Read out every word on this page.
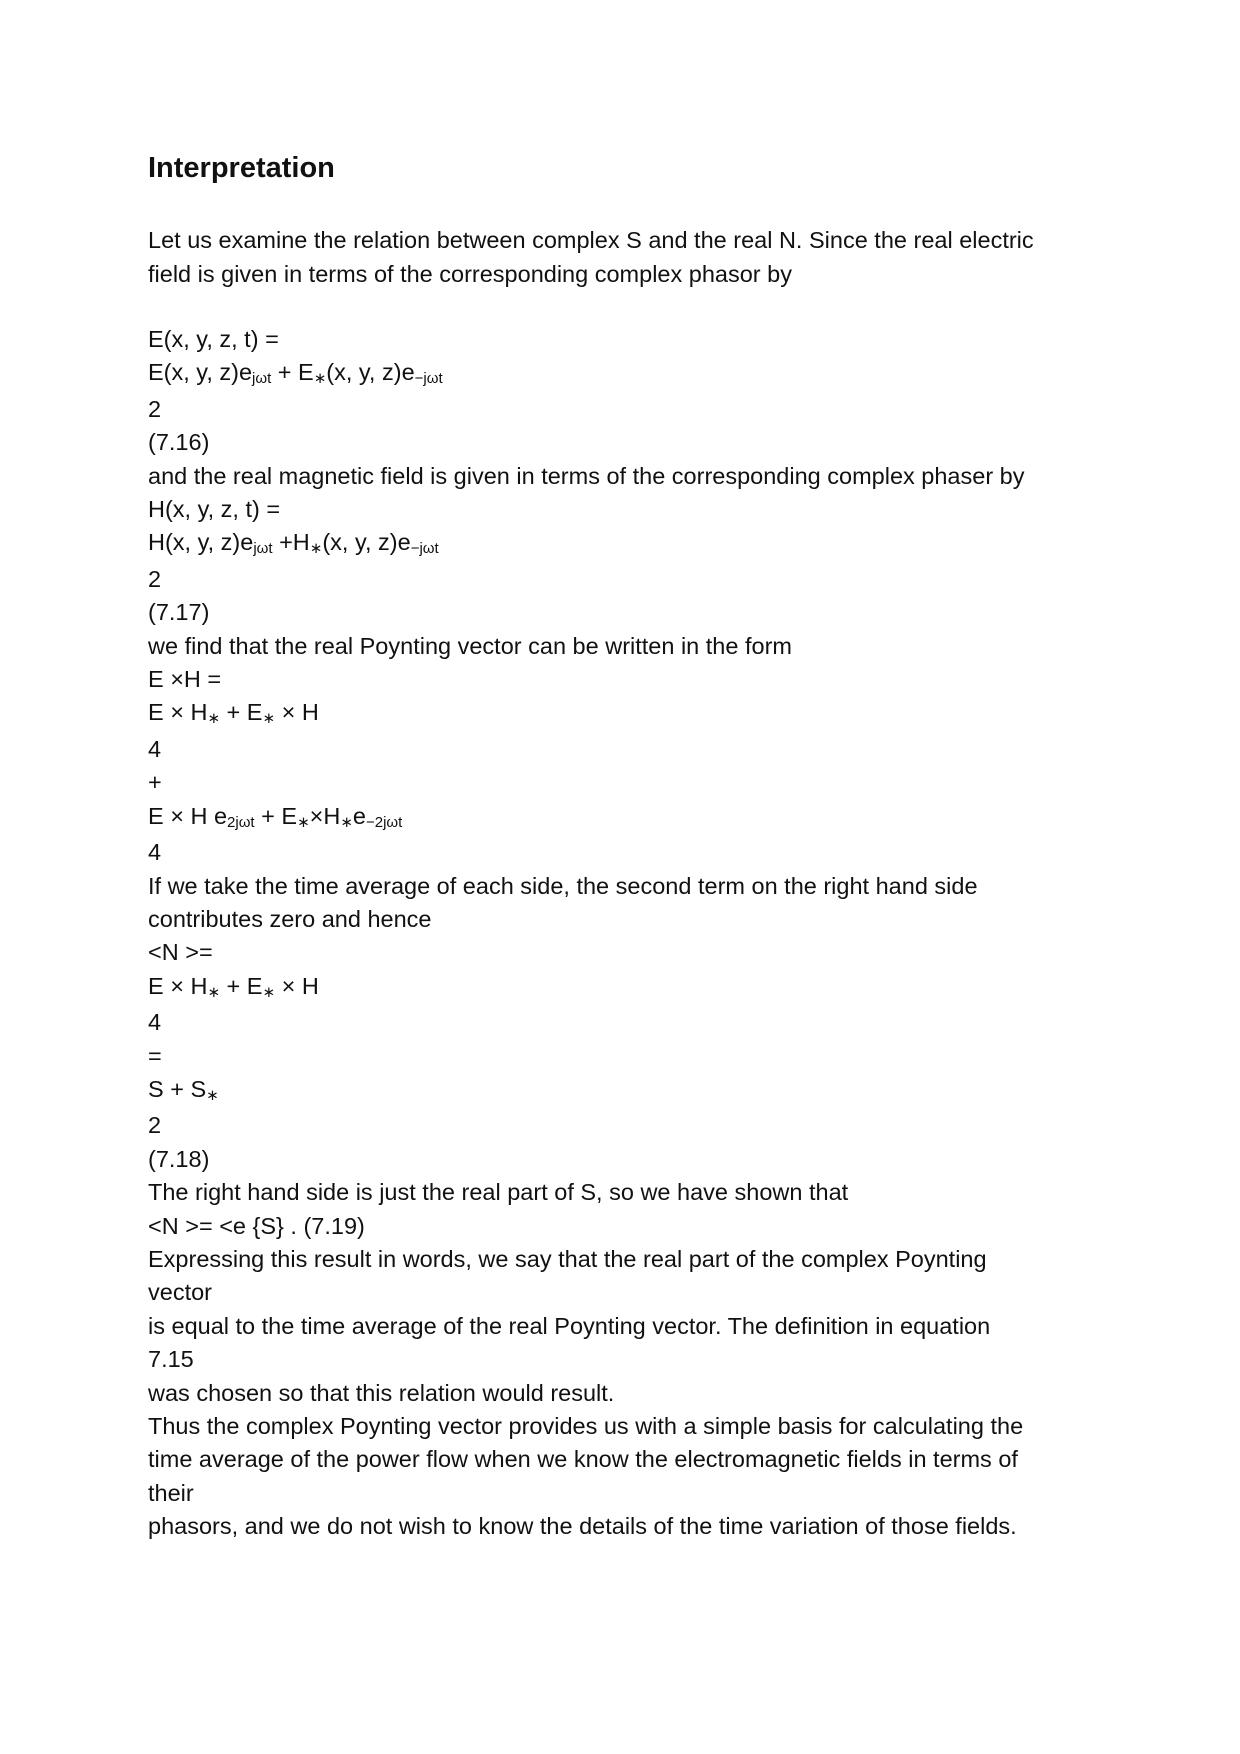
Interpretation

Let us examine the relation between complex S and the real N. Since the real electric

field is given in terms of the corresponding complex phasor by

E(x, y, z, t) =

E(x, y, z)ejωt + E∗(x, y, z)e−jωt

2

(7.16)

and the real magnetic field is given in terms of the corresponding complex phaser by

H(x, y, z, t) =

H(x, y, z)ejωt +H∗(x, y, z)e−jωt

2

(7.17)

we find that the real Poynting vector can be written in the form

E ×H =

E × H∗ + E∗ × H

4

+

E × H e2jωt + E∗×H∗e−2jωt

4

If we take the time average of each side, the second term on the right hand side

contributes zero and hence

<N >=

E × H∗ + E∗ × H

4

=

S + S∗

2

(7.18)

The right hand side is just the real part of S, so we have shown that

<N >= <e {S} . (7.19)

Expressing this result in words, we say that the real part of the complex Poynting

vector

is equal to the time average of the real Poynting vector. The definition in equation

7.15

was chosen so that this relation would result.

Thus the complex Poynting vector provides us with a simple basis for calculating the

time average of the power flow when we know the electromagnetic fields in terms of

their

phasors, and we do not wish to know the details of the time variation of those fields.
